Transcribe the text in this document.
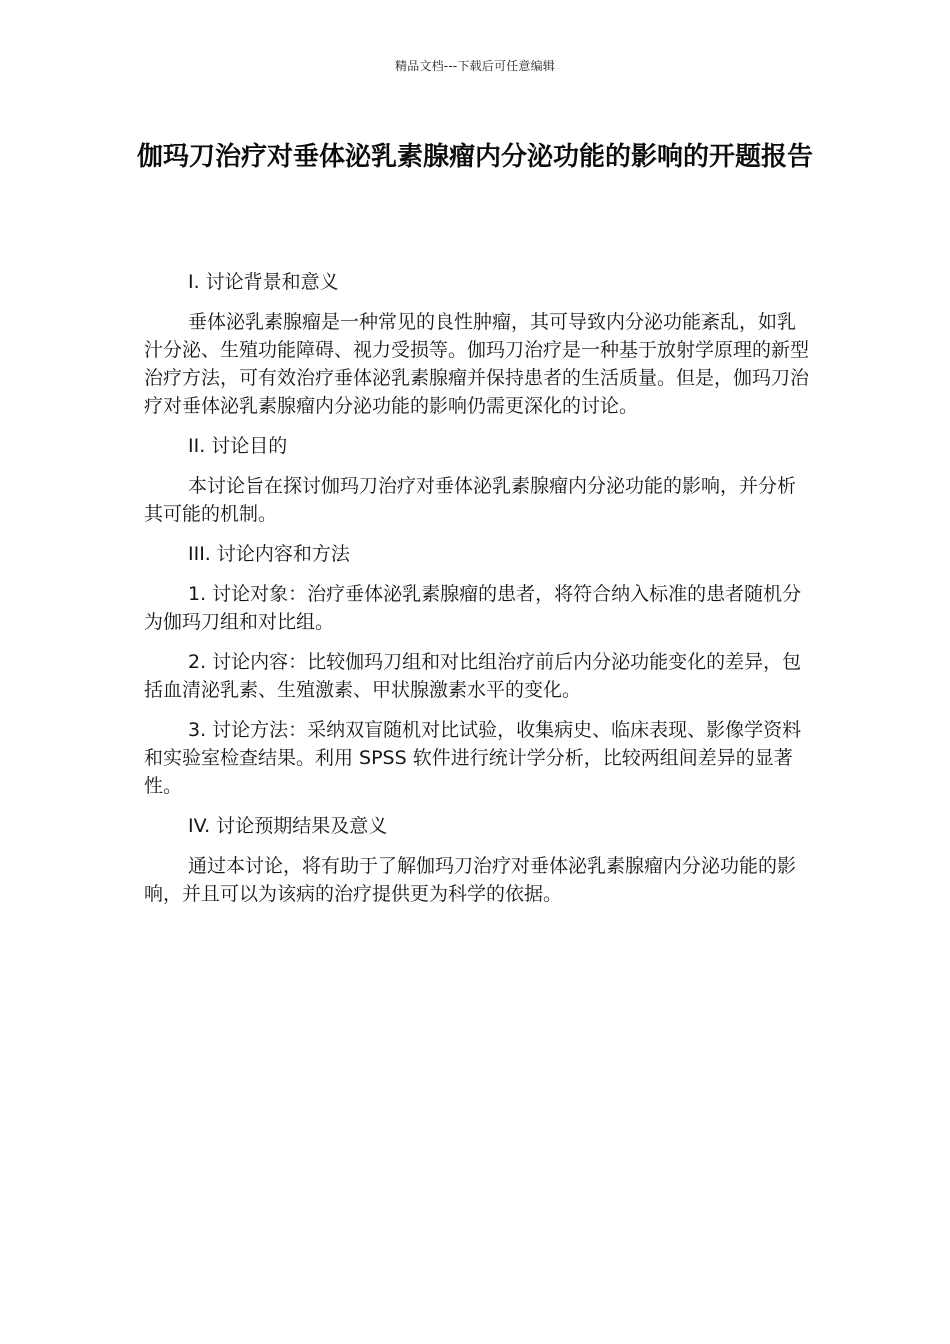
精品文档---下载后可任意编辑
伽玛刀治疗对垂体泌乳素腺瘤内分泌功能的影响的开题报告

I. 讨论背景和意义

垂体泌乳素腺瘤是一种常见的良性肿瘤，其可导致内分泌功能紊乱，如乳汁分泌、生殖功能障碍、视力受损等。伽玛刀治疗是一种基于放射学原理的新型治疗方法，可有效治疗垂体泌乳素腺瘤并保持患者的生活质量。但是，伽玛刀治疗对垂体泌乳素腺瘤内分泌功能的影响仍需更深化的讨论。

II. 讨论目的

本讨论旨在探讨伽玛刀治疗对垂体泌乳素腺瘤内分泌功能的影响，并分析其可能的机制。

III. 讨论内容和方法

1. 讨论对象：治疗垂体泌乳素腺瘤的患者，将符合纳入标准的患者随机分为伽玛刀组和对比组。

2. 讨论内容：比较伽玛刀组和对比组治疗前后内分泌功能变化的差异，包括血清泌乳素、生殖激素、甲状腺激素水平的变化。

3. 讨论方法：采纳双盲随机对比试验，收集病史、临床表现、影像学资料和实验室检查结果。利用 SPSS 软件进行统计学分析，比较两组间差异的显著性。

IV. 讨论预期结果及意义

通过本讨论，将有助于了解伽玛刀治疗对垂体泌乳素腺瘤内分泌功能的影响，并且可以为该病的治疗提供更为科学的依据。
